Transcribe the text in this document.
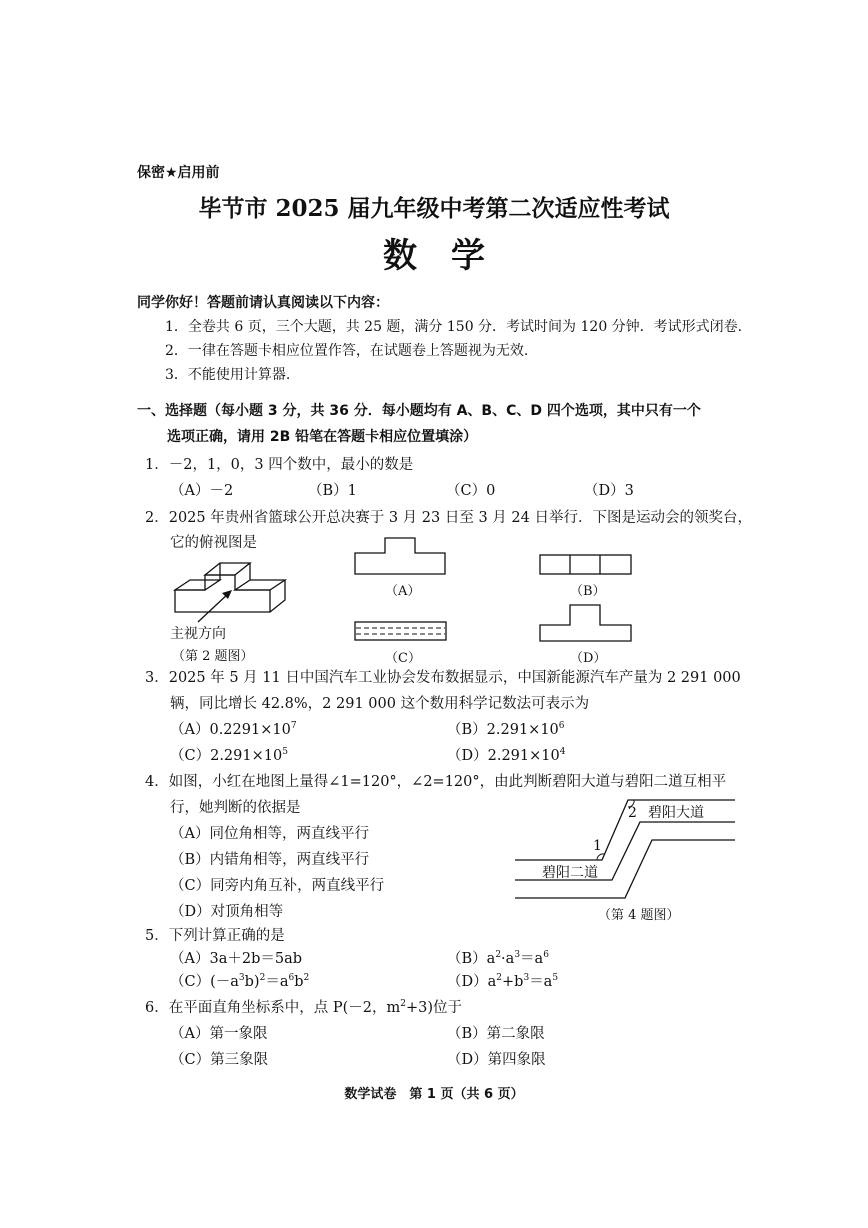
保密★启用前
毕节市 2025 届九年级中考第二次适应性考试
数　学
同学你好！答题前请认真阅读以下内容：
1．全卷共 6 页，三个大题，共 25 题，满分 150 分．考试时间为 120 分钟．考试形式闭卷.
2．一律在答题卡相应位置作答，在试题卷上答题视为无效.
3．不能使用计算器.
一、选择题（每小题 3 分，共 36 分．每小题均有 A、B、C、D 四个选项，其中只有一个
选项正确，请用 2B 铅笔在答题卡相应位置填涂）
1．－2，1，0，3 四个数中，最小的数是
（A）－2	（B）1	（C）0	（D）3
2．2025 年贵州省篮球公开总决赛于 3 月 23 日至 3 月 24 日举行．下图是运动会的领奖台，
它的俯视图是
主视方向
（第 2 题图）
（A）	（B）
（C）	（D）
3．2025 年 5 月 11 日中国汽车工业协会发布数据显示，中国新能源汽车产量为 2 291 000
辆，同比增长 42.8%，2 291 000 这个数用科学记数法可表示为
$(A)0.2291\times 10^7$	$(B)2.291\times 10^6$
$(C)2.291\times 10^5$	$(D)2.291\times 10^4$
4．如图，小红在地图上量得∠1=120°，∠2=120°，由此判断碧阳大道与碧阳二道互相平
行，她判断的依据是
（A）同位角相等，两直线平行
（B）内错角相等，两直线平行
（C）同旁内角互补，两直线平行
（D）对顶角相等
碧阳大道
碧阳二道
1
2
（第 4 题图）
5．下列计算正确的是
（A）3a＋2b＝5ab	$(B)a^2\cdot a^3=a^6$
$(C)(-a^3b)^2=a^6b^2$	$(D)a^2+b^3=a^5$
6．在平面直角坐标系中，点 P(－2，$m^2+3$)位于
（A）第一象限	（B）第二象限
（C）第三象限	（D）第四象限
数学试卷　第 1 页（共 6 页）
